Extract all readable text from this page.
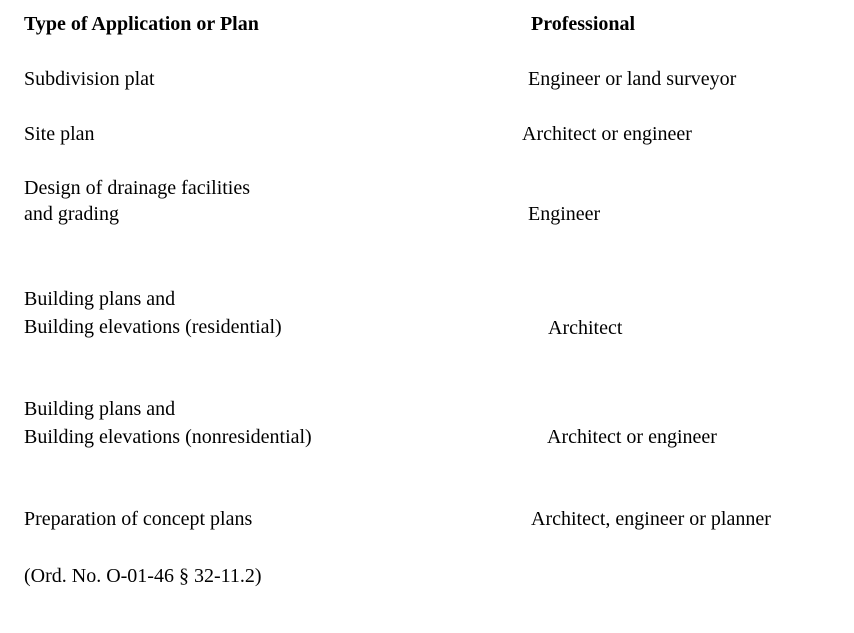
Type of Application or Plan	Professional
Subdivision plat	Engineer or land surveyor
Site plan	Architect or engineer
Design of drainage facilities
and grading	Engineer
Building plans and
Building elevations (residential)	Architect
Building plans and
Building elevations (nonresidential)	Architect or engineer
Preparation of concept plans	Architect, engineer or planner
(Ord. No. O-01-46 § 32-11.2)
